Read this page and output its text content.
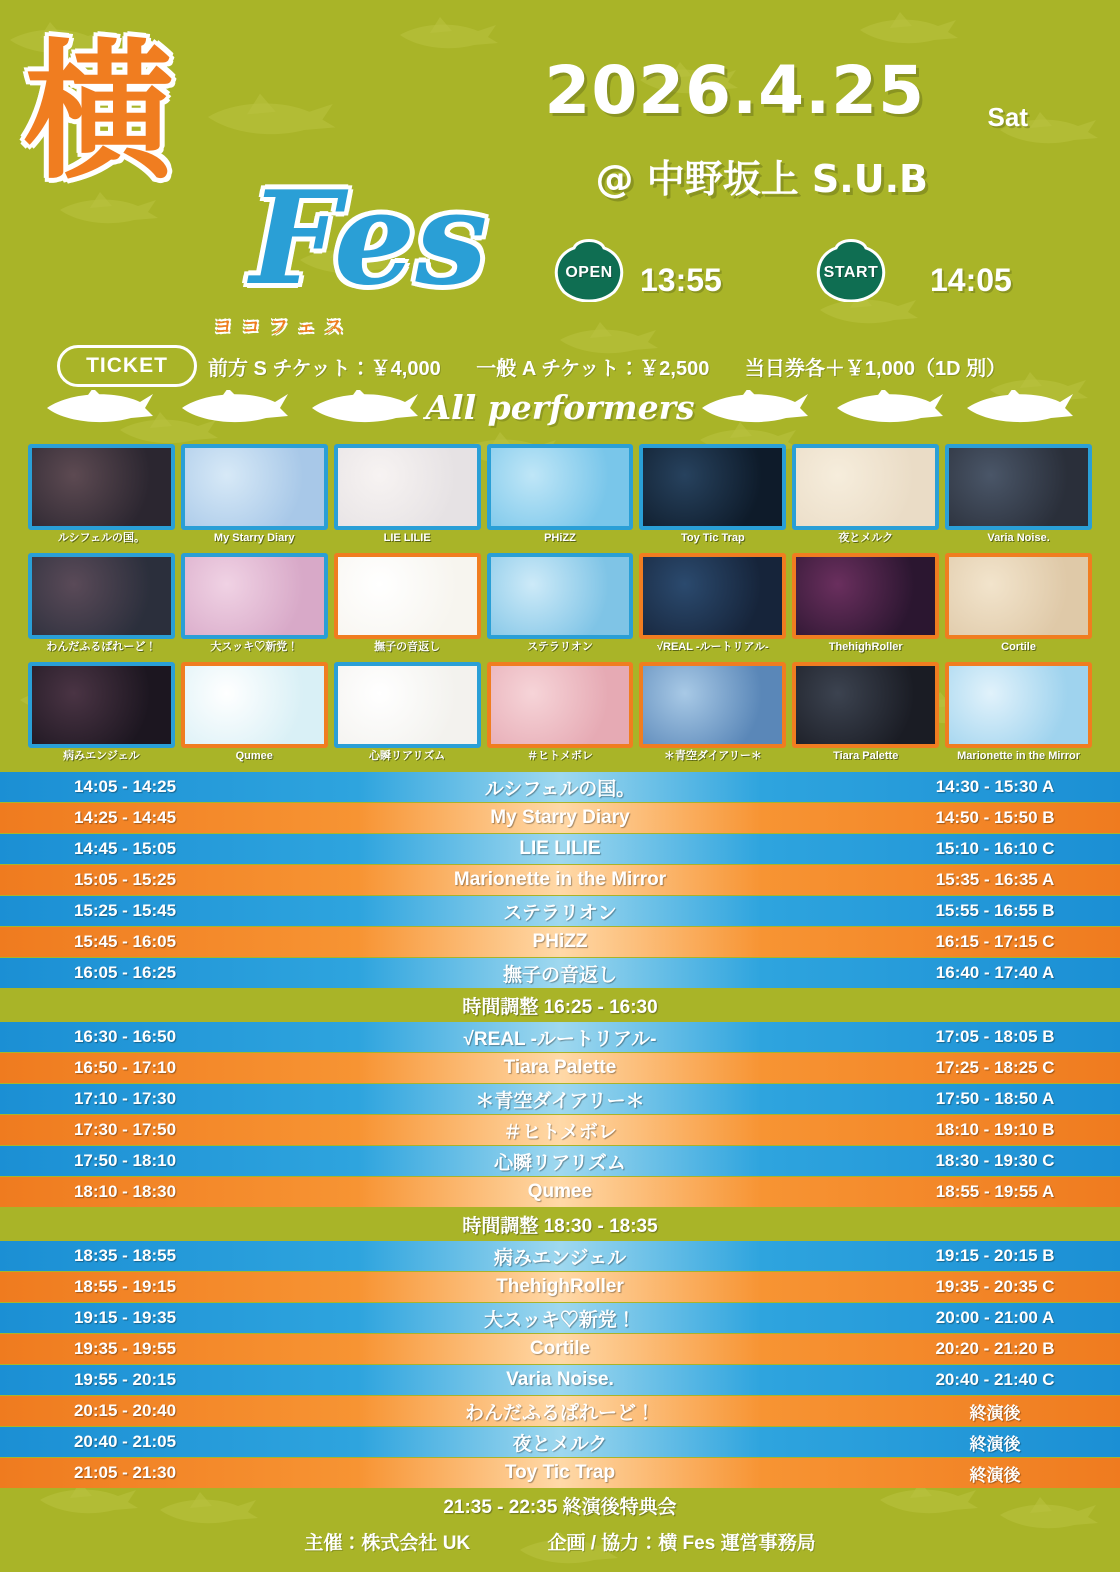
横
Fes
ヨコフェス
2026.4.25 Sat
@ 中野坂上 S.U.B
OPEN 13:55	START	14:05
TICKET	前方 S チケット：￥4,000 一般 A チケット：￥2,500 当日券各＋￥1,000（1D 別）
All performers
ルシフェルの国。	My Starry Diary	LIE LILIE	PHiZZ	Toy Tic Trap	夜とメルク	Varia Noise.
わんだふるぱれーど！	大スッキ♡新党！	撫子の音返し	ステラリオン	√REAL -ルートリアル-	ThehighRoller	Cortile
病みエンジェル	Qumee	心瞬リアリズム	＃ヒトメボレ	＊青空ダイアリー＊	Tiara Palette	Marionette in the Mirror
14:05 - 14:25	ルシフェルの国。	14:30 - 15:30 A
14:25 - 14:45	My Starry Diary	14:50 - 15:50 B
14:45 - 15:05	LIE LILIE	15:10 - 16:10 C
15:05 - 15:25	Marionette in the Mirror	15:35 - 16:35 A
15:25 - 15:45	ステラリオン	15:55 - 16:55 B
15:45 - 16:05	PHiZZ	16:15 - 17:15 C
16:05 - 16:25	撫子の音返し	16:40 - 17:40 A
時間調整 16:25 - 16:30
16:30 - 16:50	√REAL -ルートリアル-	17:05 - 18:05 B
16:50 - 17:10	Tiara Palette	17:25 - 18:25 C
17:10 - 17:30	＊青空ダイアリー＊	17:50 - 18:50 A
17:30 - 17:50	＃ヒトメボレ	18:10 - 19:10 B
17:50 - 18:10	心瞬リアリズム	18:30 - 19:30 C
18:10 - 18:30	Qumee	18:55 - 19:55 A
時間調整 18:30 - 18:35
18:35 - 18:55	病みエンジェル	19:15 - 20:15 B
18:55 - 19:15	ThehighRoller	19:35 - 20:35 C
19:15 - 19:35	大スッキ♡新党！	20:00 - 21:00 A
19:35 - 19:55	Cortile	20:20 - 21:20 B
19:55 - 20:15	Varia Noise.	20:40 - 21:40 C
20:15 - 20:40	わんだふるぱれーど！	終演後
20:40 - 21:05	夜とメルク	終演後
21:05 - 21:30	Toy Tic Trap	終演後
21:35 - 22:35 終演後特典会
主催：株式会社 UK	企画 / 協力：横 Fes 運営事務局
